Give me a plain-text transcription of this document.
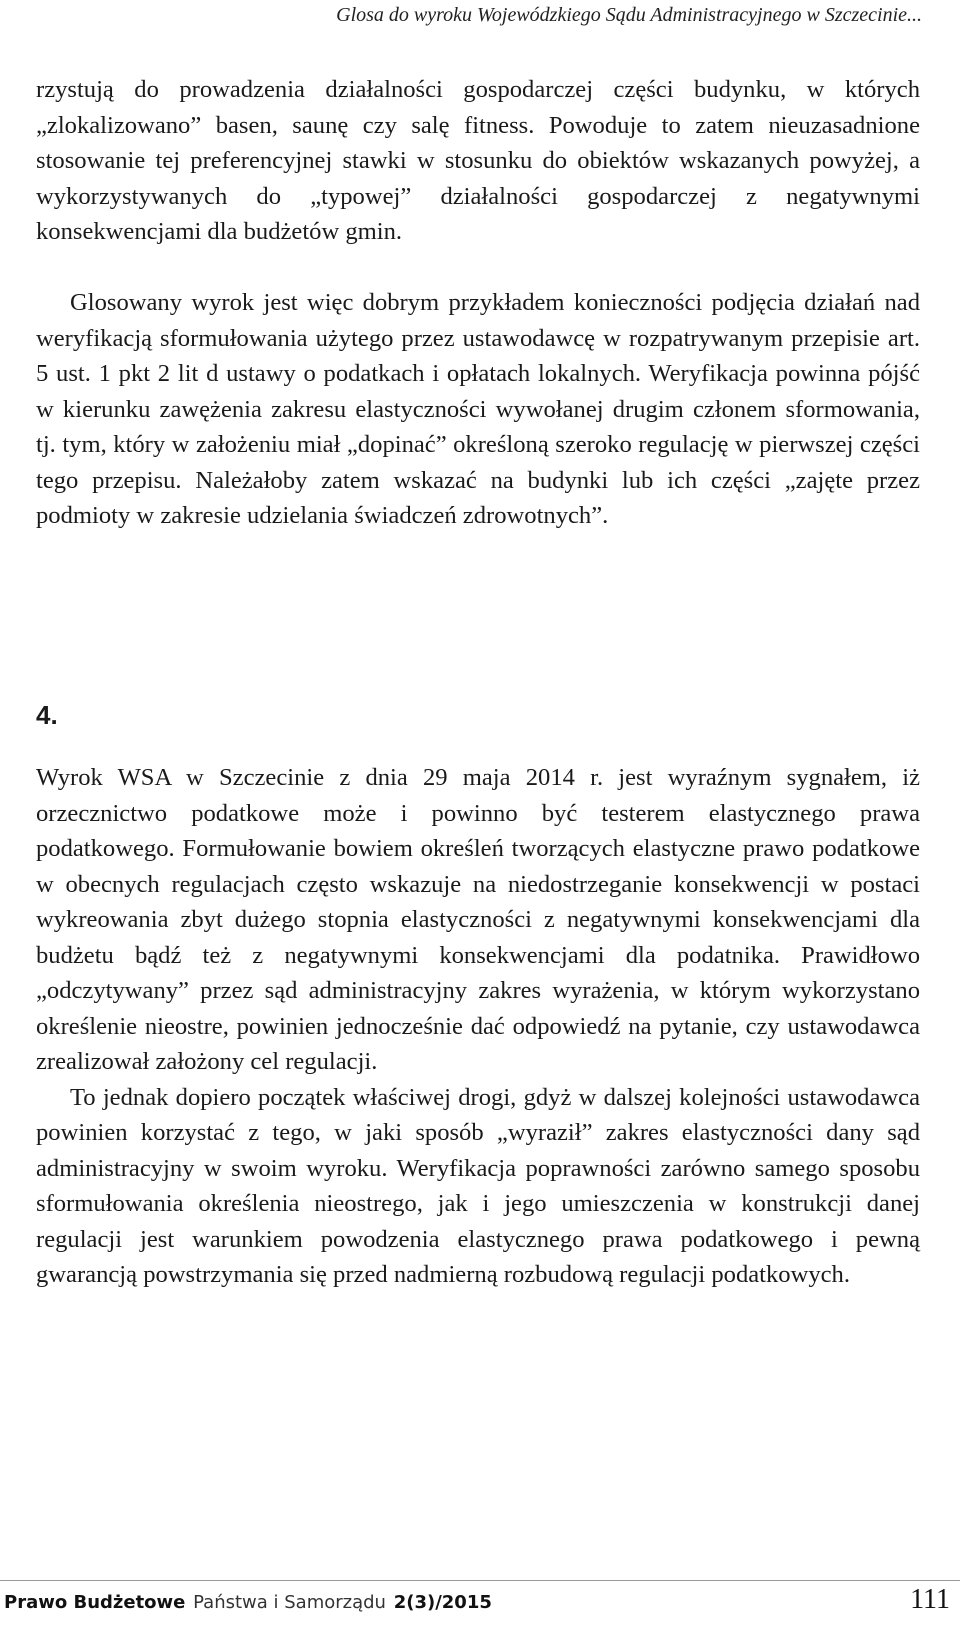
Glosa do wyroku Wojewódzkiego Sądu Administracyjnego w Szczecinie...

rzystują do prowadzenia działalności gospodarczej części budynku, w których „zlokalizowano” basen, saunę czy salę fitness. Powoduje to zatem nieuzasadnione stosowanie tej preferencyjnej stawki w stosunku do obiektów wskazanych powyżej, a wykorzystywanych do „typowej” działalności gospodarczej z negatywnymi konsekwencjami dla budżetów gmin.

Glosowany wyrok jest więc dobrym przykładem konieczności podjęcia działań nad weryfikacją sformułowania użytego przez ustawodawcę w rozpatrywanym przepisie art. 5 ust. 1 pkt 2 lit d ustawy o podatkach i opłatach lokalnych. Weryfikacja powinna pójść w kierunku zawężenia zakresu elastyczności wywołanej drugim członem sformowania, tj. tym, który w założeniu miał „dopinać” określoną szeroko regulację w pierwszej części tego przepisu. Należałoby zatem wskazać na budynki lub ich części „zajęte przez podmioty w zakresie udzielania świadczeń zdrowotnych”.

4.

Wyrok WSA w Szczecinie z dnia 29 maja 2014 r. jest wyraźnym sygnałem, iż orzecznictwo podatkowe może i powinno być testerem elastycznego prawa podatkowego. Formułowanie bowiem określeń tworzących elastyczne prawo podatkowe w obecnych regulacjach często wskazuje na niedostrzeganie konsekwencji w postaci wykreowania zbyt dużego stopnia elastyczności z negatywnymi konsekwencjami dla budżetu bądź też z negatywnymi konsekwencjami dla podatnika. Prawidłowo „odczytywany” przez sąd administracyjny zakres wyrażenia, w którym wykorzystano określenie nieostre, powinien jednocześnie dać odpowiedź na pytanie, czy ustawodawca zrealizował założony cel regulacji.

To jednak dopiero początek właściwej drogi, gdyż w dalszej kolejności ustawodawca powinien korzystać z tego, w jaki sposób „wyraził” zakres elastyczności dany sąd administracyjny w swoim wyroku. Weryfikacja poprawności zarówno samego sposobu sformułowania określenia nieostrego, jak i jego umieszczenia w konstrukcji danej regulacji jest warunkiem powodzenia elastycznego prawa podatkowego i pewną gwarancją powstrzymania się przed nadmierną rozbudową regulacji podatkowych.

Prawo Budżetowe Państwa i Samorządu 2(3)/2015	111
